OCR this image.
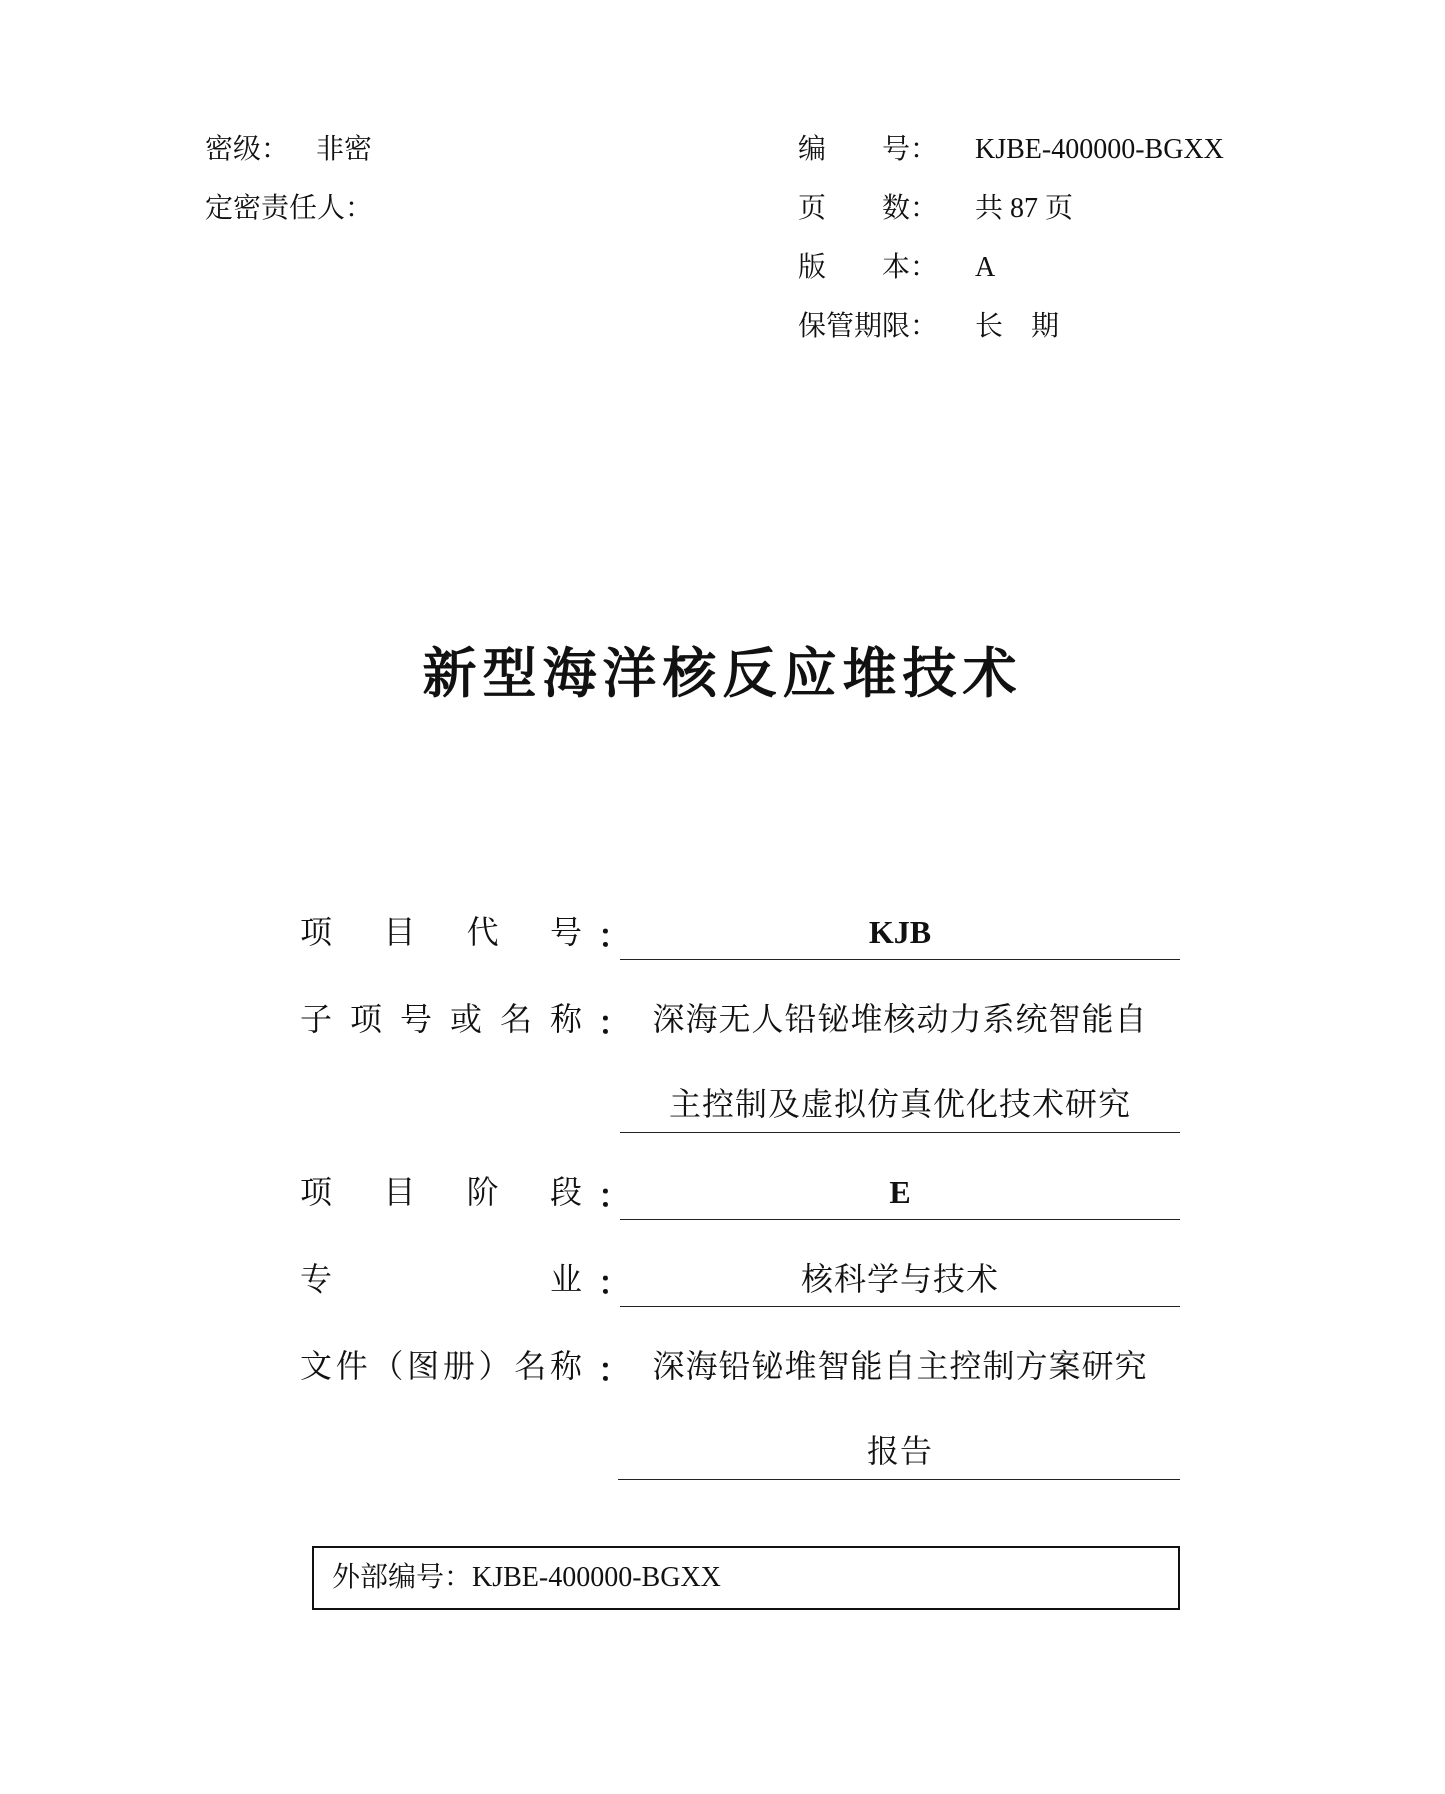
密级： 非密
定密责任人：
编　　号： KJBE-400000-BGXX
页　　数： 共 87 页
版　　本： A
保管期限： 长　期
新型海洋核反应堆技术
项目代号 ：	KJB
子项号或名称 ： 深海无人铅铋堆核动力系统智能自
主控制及虚拟仿真优化技术研究
项目阶段 ：	E
专业 ：	核科学与技术
文件（图册）名称 ： 深海铅铋堆智能自主控制方案研究
报告
外部编号：KJBE-400000-BGXX
